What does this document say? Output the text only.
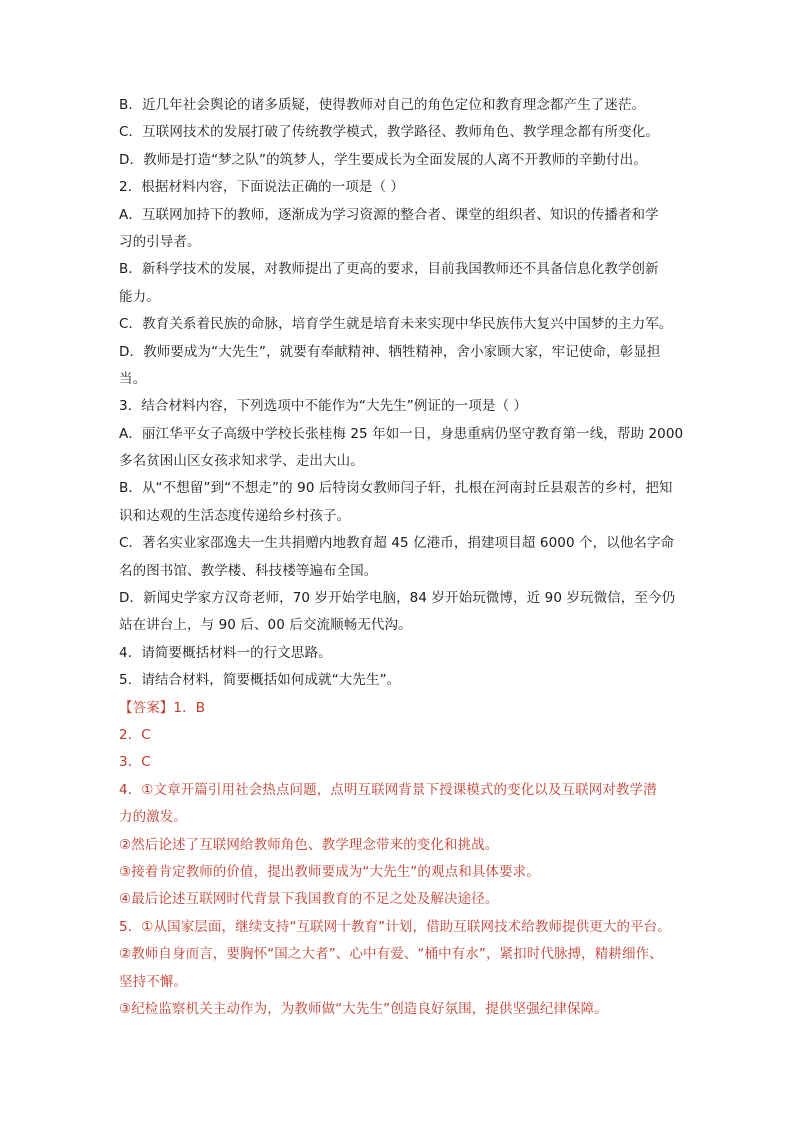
B．近几年社会舆论的诸多质疑，使得教师对自己的角色定位和教育理念都产生了迷茫。
C．互联网技术的发展打破了传统教学模式，教学路径、教师角色、教学理念都有所变化。
D．教师是打造“梦之队”的筑梦人，学生要成长为全面发展的人离不开教师的辛勤付出。
2．根据材料内容，下面说法正确的一项是（ ）
A．互联网加持下的教师，逐渐成为学习资源的整合者、课堂的组织者、知识的传播者和学
习的引导者。
B．新科学技术的发展，对教师提出了更高的要求，目前我国教师还不具备信息化教学创新
能力。
C．教育关系着民族的命脉，培育学生就是培育未来实现中华民族伟大复兴中国梦的主力军。
D．教师要成为“大先生”，就要有奉献精神、牺牲精神，舍小家顾大家，牢记使命，彰显担
当。
3．结合材料内容，下列选项中不能作为“大先生”例证的一项是（ ）
A．丽江华平女子高级中学校长张桂梅 25 年如一日，身患重病仍坚守教育第一线，帮助 2000
多名贫困山区女孩求知求学、走出大山。
B．从“不想留”到“不想走”的 90 后特岗女教师闫子轩，扎根在河南封丘县艰苦的乡村，把知
识和达观的生活态度传递给乡村孩子。
C．著名实业家邵逸夫一生共捐赠内地教育超 45 亿港币，捐建项目超 6000 个，以他名字命
名的图书馆、教学楼、科技楼等遍布全国。
D．新闻史学家方汉奇老师，70 岁开始学电脑，84 岁开始玩微博，近 90 岁玩微信，至今仍
站在讲台上，与 90 后、00 后交流顺畅无代沟。
4．请简要概括材料一的行文思路。
5．请结合材料，简要概括如何成就“大先生”。
【答案】1．B
2．C
3．C
4．①文章开篇引用社会热点问题，点明互联网背景下授课模式的变化以及互联网对教学潜
力的激发。
②然后论述了互联网给教师角色、教学理念带来的变化和挑战。
③接着肯定教师的价值，提出教师要成为“大先生”的观点和具体要求。
④最后论述互联网时代背景下我国教育的不足之处及解决途径。
5．①从国家层面，继续支持“互联网十教育”计划，借助互联网技术给教师提供更大的平台。
②教师自身而言，要胸怀“国之大者”、心中有爱、“桶中有水”，紧扣时代脉搏，精耕细作、
坚持不懈。
③纪检监察机关主动作为，为教师做“大先生”创造良好氛围，提供坚强纪律保障。
